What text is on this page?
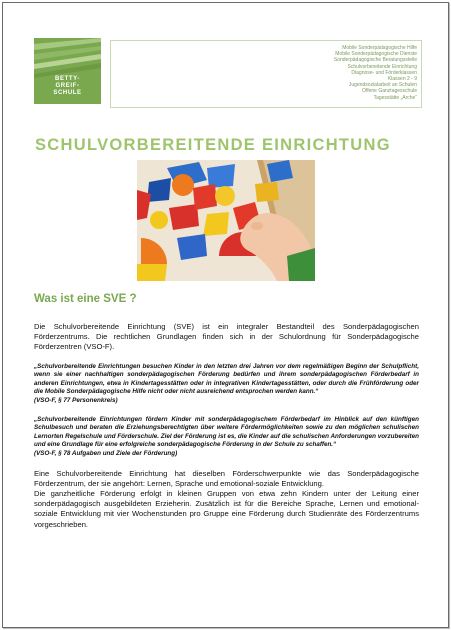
BETTY-
GREIF-
SCHULE
Mobile Sonderpädagogische Hilfe
Mobile Sonderpädagogische Dienste
Sonderpädagogische Beratungsstelle
Schulvorbereitende Einrichtung
Diagnose- und Förderklassen
Klassen 2 - 9
Jugendsozialarbeit an Schulen
Offene Ganztagesschule
Tagesstätte „Arche“
SCHULVORBEREITENDE EINRICHTUNG
Was ist eine SVE ?

Die Schulvorbereitende Einrichtung (SVE) ist ein integraler Bestandteil des Sonderpädagogischen Förderzentrums. Die rechtlichen Grundlagen finden sich in der Schulordnung für Sonderpädagogische Förderzentren (VSO-F).

„Schulvorbereitende Einrichtungen besuchen Kinder in den letzten drei Jahren vor dem regelmäßigen Beginn der Schulpflicht, wenn sie einer nachhaltigen sonderpädagogischen Förderung bedürfen und ihrem sonderpädagogischen Förderbedarf in anderen Einrichtungen, etwa in Kindertagesstätten oder in integrativen Kindertagesstätten, oder durch die Frühförderung oder die Mobile Sonderpädagogische Hilfe nicht oder nicht ausreichend entsprochen werden kann.“

(VSO-F, § 77 Personenkreis)

„Schulvorbereitende Einrichtungen fördern Kinder mit sonderpädagogischem Förderbedarf im Hinblick auf den künftigen Schulbesuch und beraten die Erziehungsberechtigten über weitere Fördermöglichkeiten sowie zu den möglichen schulischen Lernorten Regelschule und Förderschule. Ziel der Förderung ist es, die Kinder auf die schulischen Anforderungen vorzubereiten und eine Grundlage für eine erfolgreiche sonderpädagogische Förderung in der Schule zu schaffen.“

(VSO-F, § 78 Aufgaben und Ziele der Förderung)

Eine Schulvorbereitende Einrichtung hat dieselben Förderschwerpunkte wie das Sonderpädagogische Förderzentrum, der sie angehört: Lernen, Sprache und emotional-soziale Entwicklung.

Die ganzheitliche Förderung erfolgt in kleinen Gruppen von etwa zehn Kindern unter der Leitung einer sonderpädagogisch ausgebildeten Erzieherin. Zusätzlich ist für die Bereiche Sprache, Lernen und emotional-soziale Entwicklung mit vier Wochenstunden pro Gruppe eine Förderung durch Studienräte des Förderzentrums vorgeschrieben.
